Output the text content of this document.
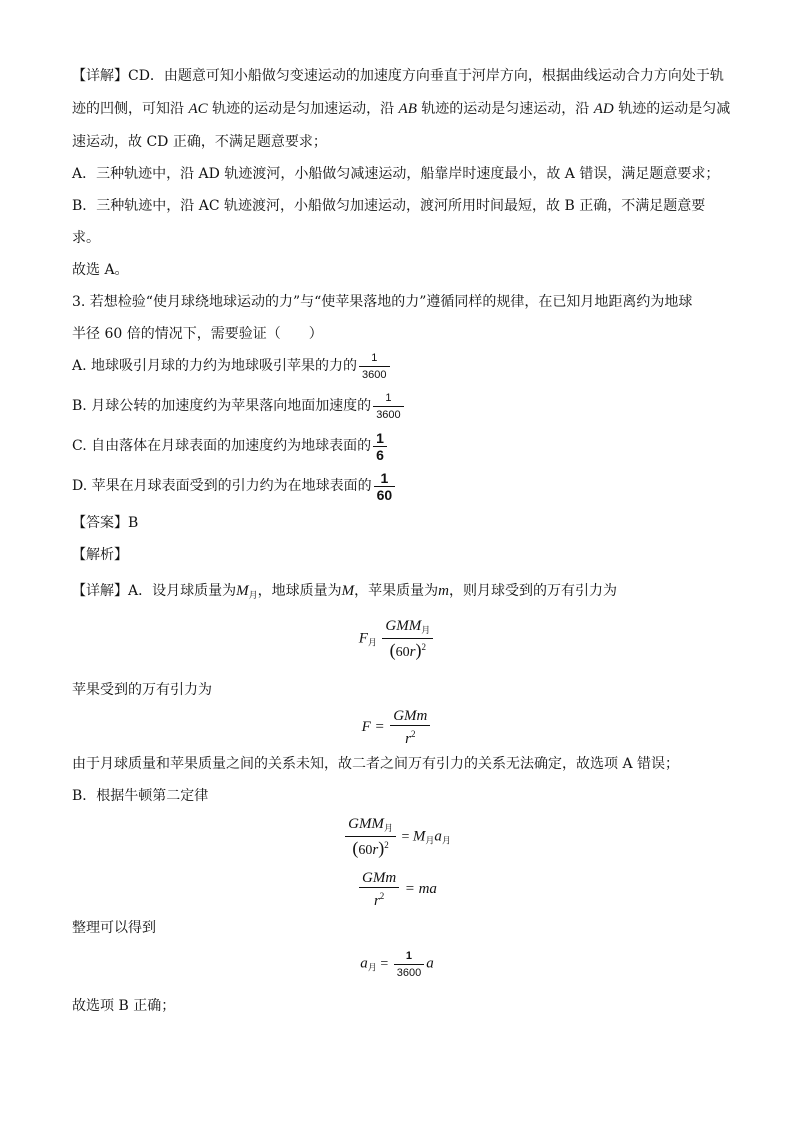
【详解】CD．由题意可知小船做匀变速运动的加速度方向垂直于河岸方向，根据曲线运动合力方向处于轨
迹的凹侧，可知沿 AC 轨迹的运动是匀加速运动，沿 AB 轨迹的运动是匀速运动，沿 AD 轨迹的运动是匀减
速运动，故 CD 正确，不满足题意要求；
A．三种轨迹中，沿 AD 轨迹渡河，小船做匀减速运动，船靠岸时速度最小，故 A 错误，满足题意要求；
B．三种轨迹中，沿 AC 轨迹渡河，小船做匀加速运动，渡河所用时间最短，故 B 正确，不满足题意要
求。
故选 A。
3. 若想检验“使月球绕地球运动的力”与“使苹果落地的力”遵循同样的规律，在已知月地距离约为地球
半径 60 倍的情况下，需要验证（　　）
A. 地球吸引月球的力约为地球吸引苹果的力的 $\frac{1}{3600}$
B. 月球公转的加速度约为苹果落向地面加速度的 $\frac{1}{3600}$
C. 自由落体在月球表面的加速度约为地球表面的 $\frac{1}{6}$
D. 苹果在月球表面受到的引力约为在地球表面的 $\frac{1}{60}$
【答案】B
【解析】
【详解】A．设月球质量为$M_月$，地球质量为M，苹果质量为m，则月球受到的万有引力为
$F_月 \frac{GMM_月}{(60r)^2}$
苹果受到的万有引力为
$F = \frac{\text{GMm}}{r^2}$
由于月球质量和苹果质量之间的关系未知，故二者之间万有引力的关系无法确定，故选项 A 错误；
B．根据牛顿第二定律
$\frac{GMM_月}{(60r)^2} = M_月a_月$
$\frac{\text{GMm}}{r^2}$ = ma
整理可以得到
$a_月 = \frac{1}{3600}$ a
故选项 B 正确；
